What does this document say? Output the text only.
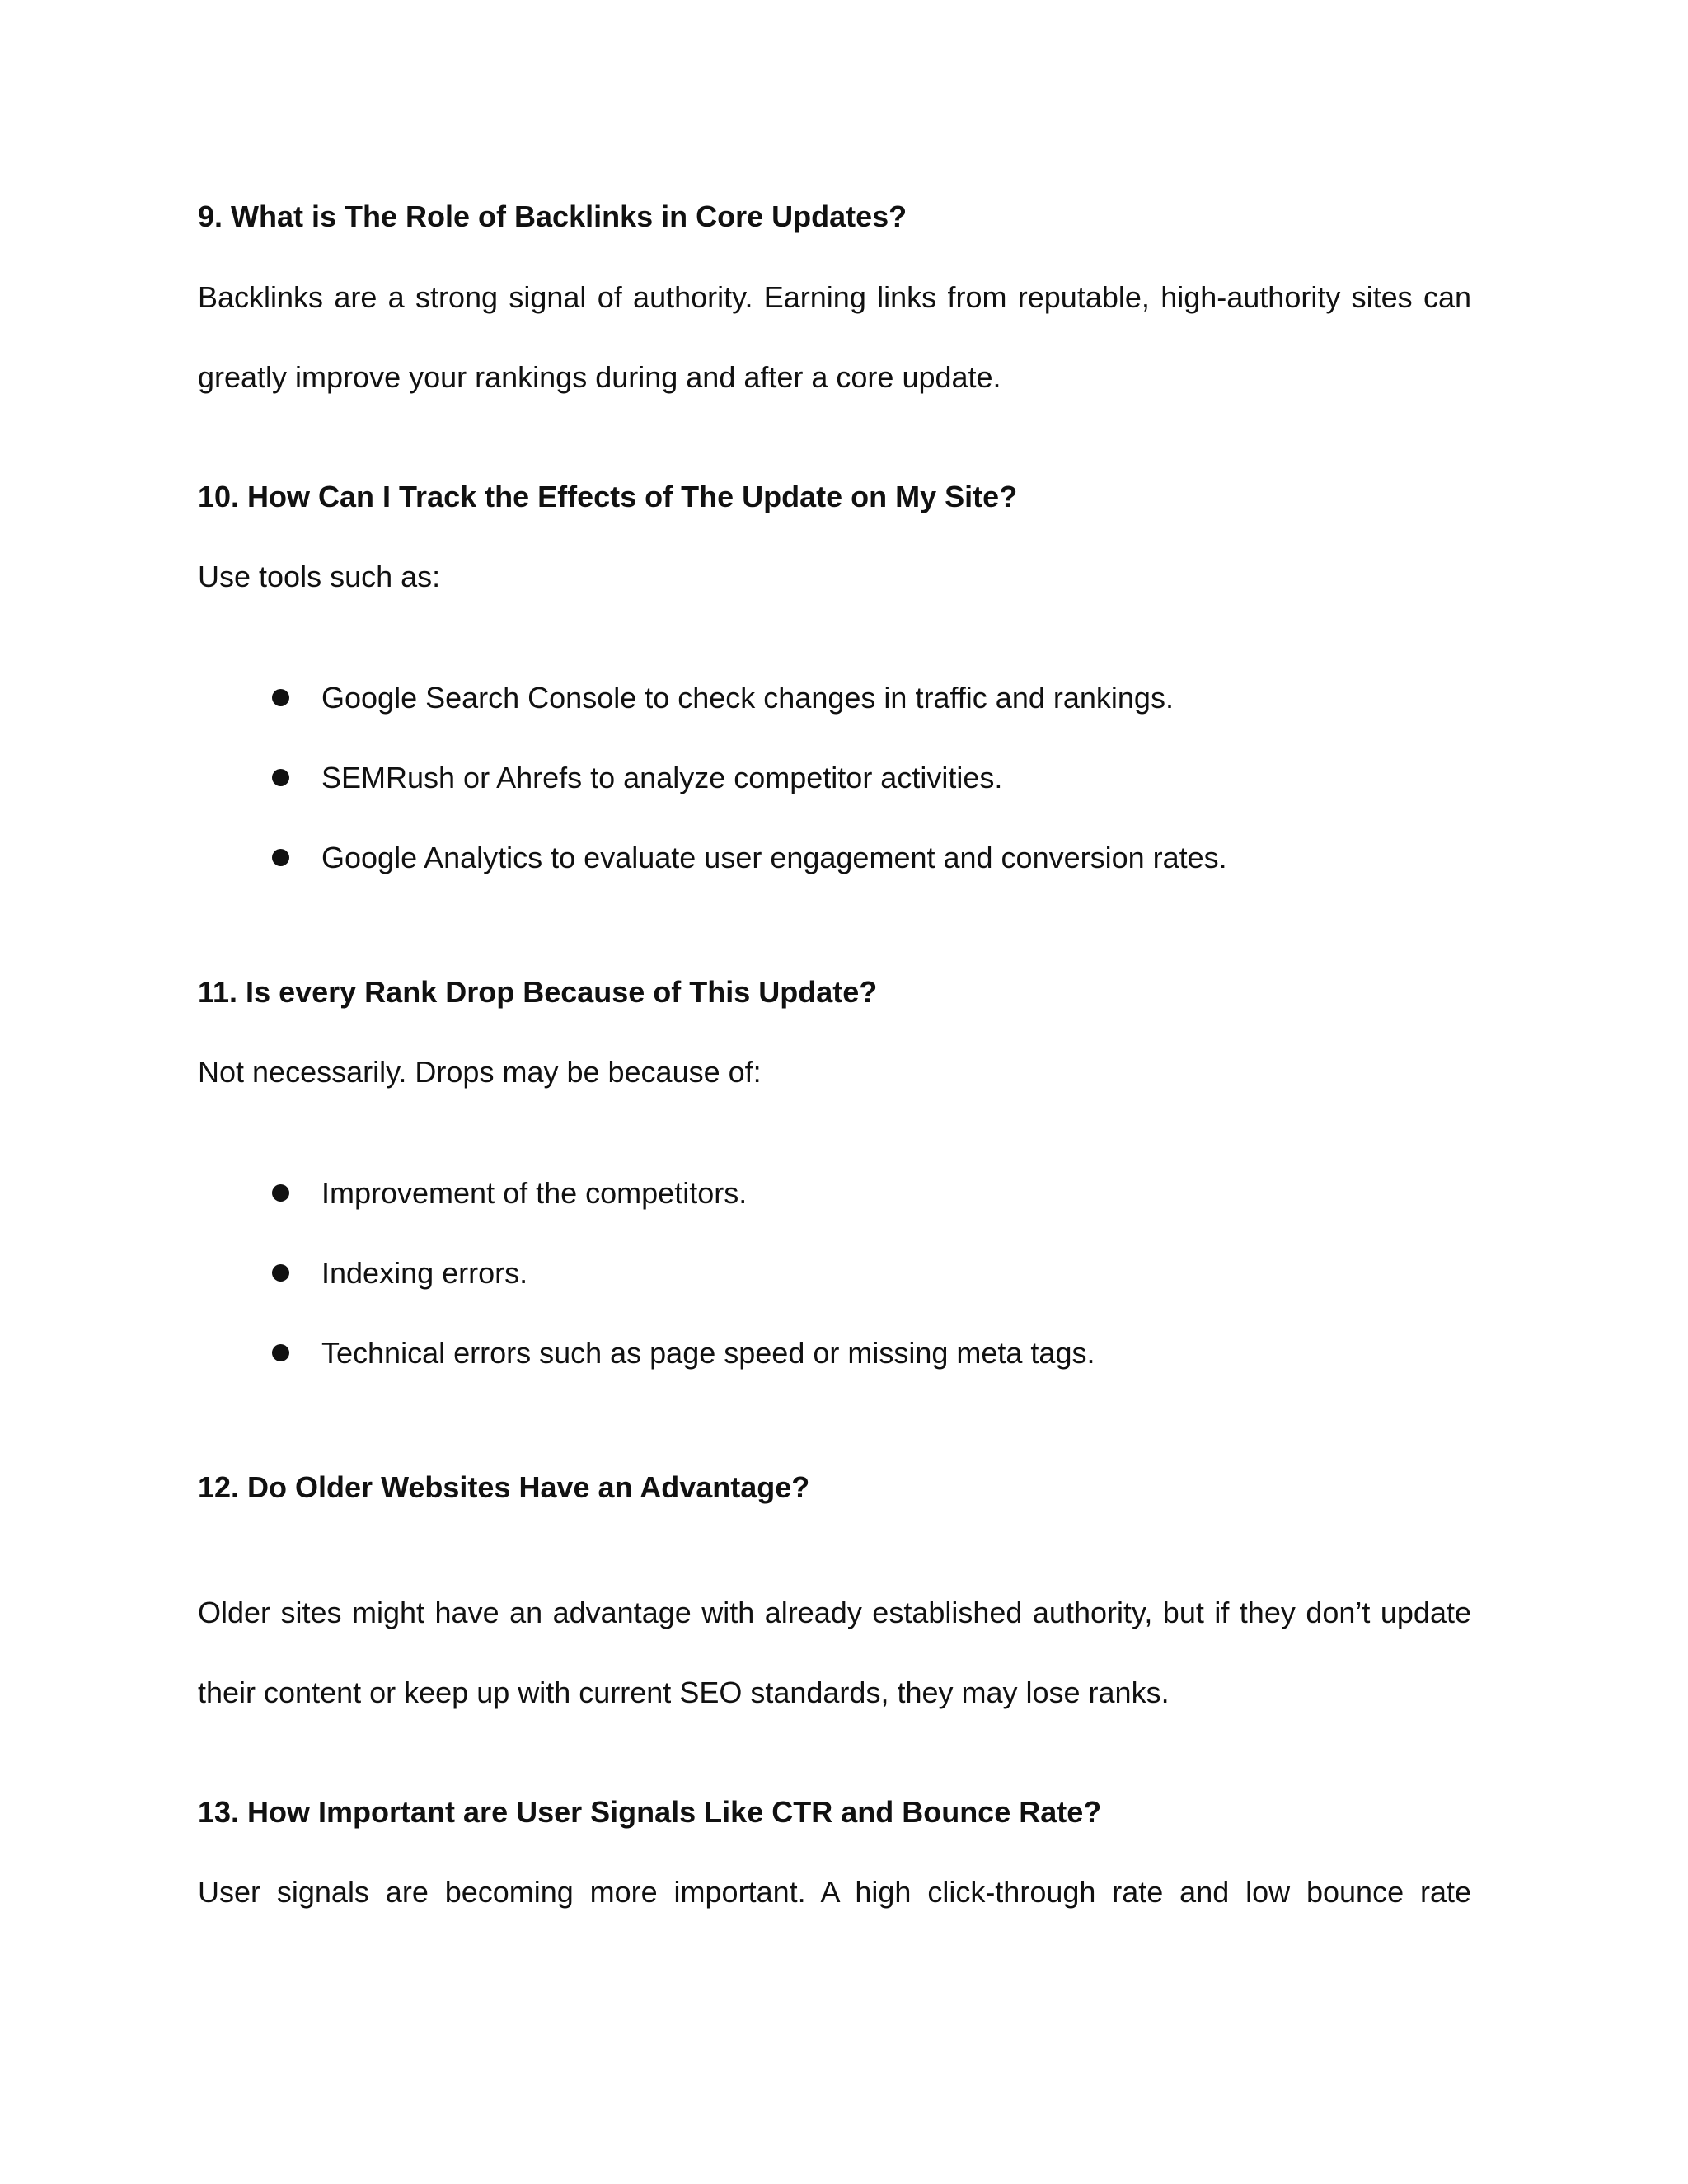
9. What is The Role of Backlinks in Core Updates?

Backlinks are a strong signal of authority. Earning links from reputable, high-authority sites can greatly improve your rankings during and after a core update.

10. How Can I Track the Effects of The Update on My Site?

Use tools such as:

Google Search Console to check changes in traffic and rankings.
SEMRush or Ahrefs to analyze competitor activities.
Google Analytics to evaluate user engagement and conversion rates.
11. Is every Rank Drop Because of This Update?

Not necessarily. Drops may be because of:

Improvement of the competitors.
Indexing errors.
Technical errors such as page speed or missing meta tags.
12. Do Older Websites Have an Advantage?

Older sites might have an advantage with already established authority, but if they don’t update their content or keep up with current SEO standards, they may lose ranks.

13. How Important are User Signals Like CTR and Bounce Rate?

User signals are becoming more important. A high click-through rate and low bounce rate
